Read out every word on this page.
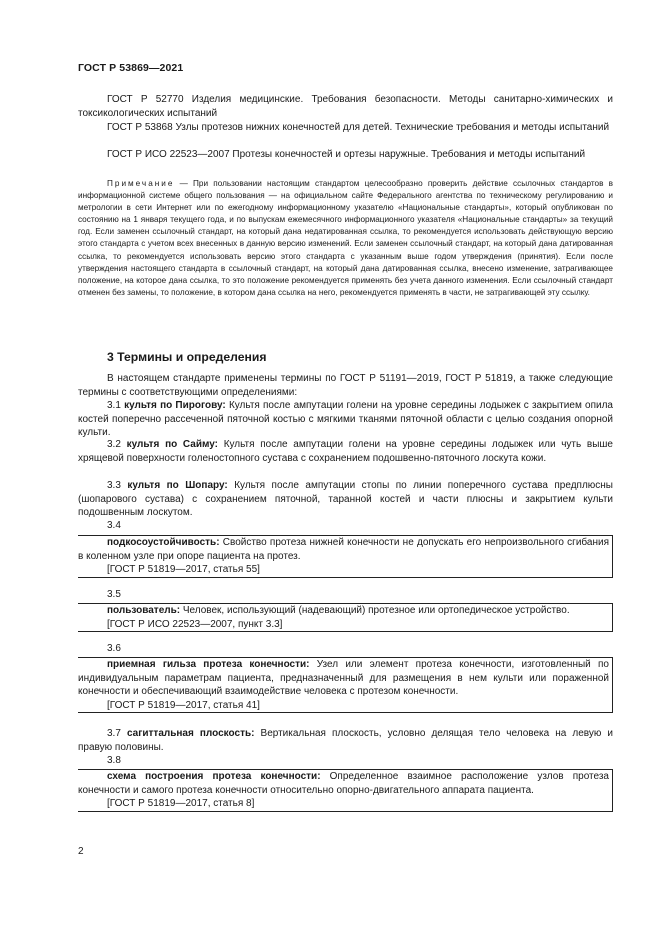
ГОСТ Р 53869—2021

ГОСТ Р 52770 Изделия медицинские. Требования безопасности. Методы санитарно-химических и токсикологических испытаний

ГОСТ Р 53868 Узлы протезов нижних конечностей для детей. Технические требования и методы испытаний

ГОСТ Р ИСО 22523—2007 Протезы конечностей и ортезы наружные. Требования и методы испытаний

Примечание — При пользовании настоящим стандартом целесообразно проверить действие ссылочных стандартов в информационной системе общего пользования — на официальном сайте Федерального агентства по техническому регулированию и метрологии в сети Интернет или по ежегодному информационному указателю «Национальные стандарты», который опубликован по состоянию на 1 января текущего года, и по выпускам ежемесячного информационного указателя «Национальные стандарты» за текущий год. Если заменен ссылочный стандарт, на который дана недатированная ссылка, то рекомендуется использовать действующую версию этого стандарта с учетом всех внесенных в данную версию изменений. Если заменен ссылочный стандарт, на который дана датированная ссылка, то рекомендуется использовать версию этого стандарта с указанным выше годом утверждения (принятия). Если после утверждения настоящего стандарта в ссылочный стандарт, на который дана датированная ссылка, внесено изменение, затрагивающее положение, на которое дана ссылка, то это положение рекомендуется применять без учета данного изменения. Если ссылочный стандарт отменен без замены, то положение, в котором дана ссылка на него, рекомендуется применять в части, не затрагивающей эту ссылку.

3 Термины и определения

В настоящем стандарте применены термины по ГОСТ Р 51191—2019, ГОСТ Р 51819, а также следующие термины с соответствующими определениями:

3.1 культя по Пирогову: Культя после ампутации голени на уровне середины лодыжек с закрытием опила костей поперечно рассеченной пяточной костью с мягкими тканями пяточной области с целью создания опорной культи.

3.2 культя по Сайму: Культя после ампутации голени на уровне середины лодыжек или чуть выше хрящевой поверхности голеностопного сустава с сохранением подошвенно-пяточного лоскута кожи.

3.3 культя по Шопару: Культя после ампутации стопы по линии поперечного сустава предплюсны (шопарового сустава) с сохранением пяточной, таранной костей и части плюсны и закрытием культи подошвенным лоскутом.

3.4

подкосоустойчивость: Свойство протеза нижней конечности не допускать его непроизвольного сгибания в коленном узле при опоре пациента на протез.

[ГОСТ Р 51819—2017, статья 55]

3.5

пользователь: Человек, использующий (надевающий) протезное или ортопедическое устройство.

[ГОСТ Р ИСО 22523—2007, пункт 3.3]

3.6

приемная гильза протеза конечности: Узел или элемент протеза конечности, изготовленный по индивидуальным параметрам пациента, предназначенный для размещения в нем культи или пораженной конечности и обеспечивающий взаимодействие человека с протезом конечности.

[ГОСТ Р 51819—2017, статья 41]

3.7 сагиттальная плоскость: Вертикальная плоскость, условно делящая тело человека на левую и правую половины.

3.8

схема построения протеза конечности: Определенное взаимное расположение узлов протеза конечности и самого протеза конечности относительно опорно-двигательного аппарата пациента.

[ГОСТ Р 51819—2017, статья 8]

2
